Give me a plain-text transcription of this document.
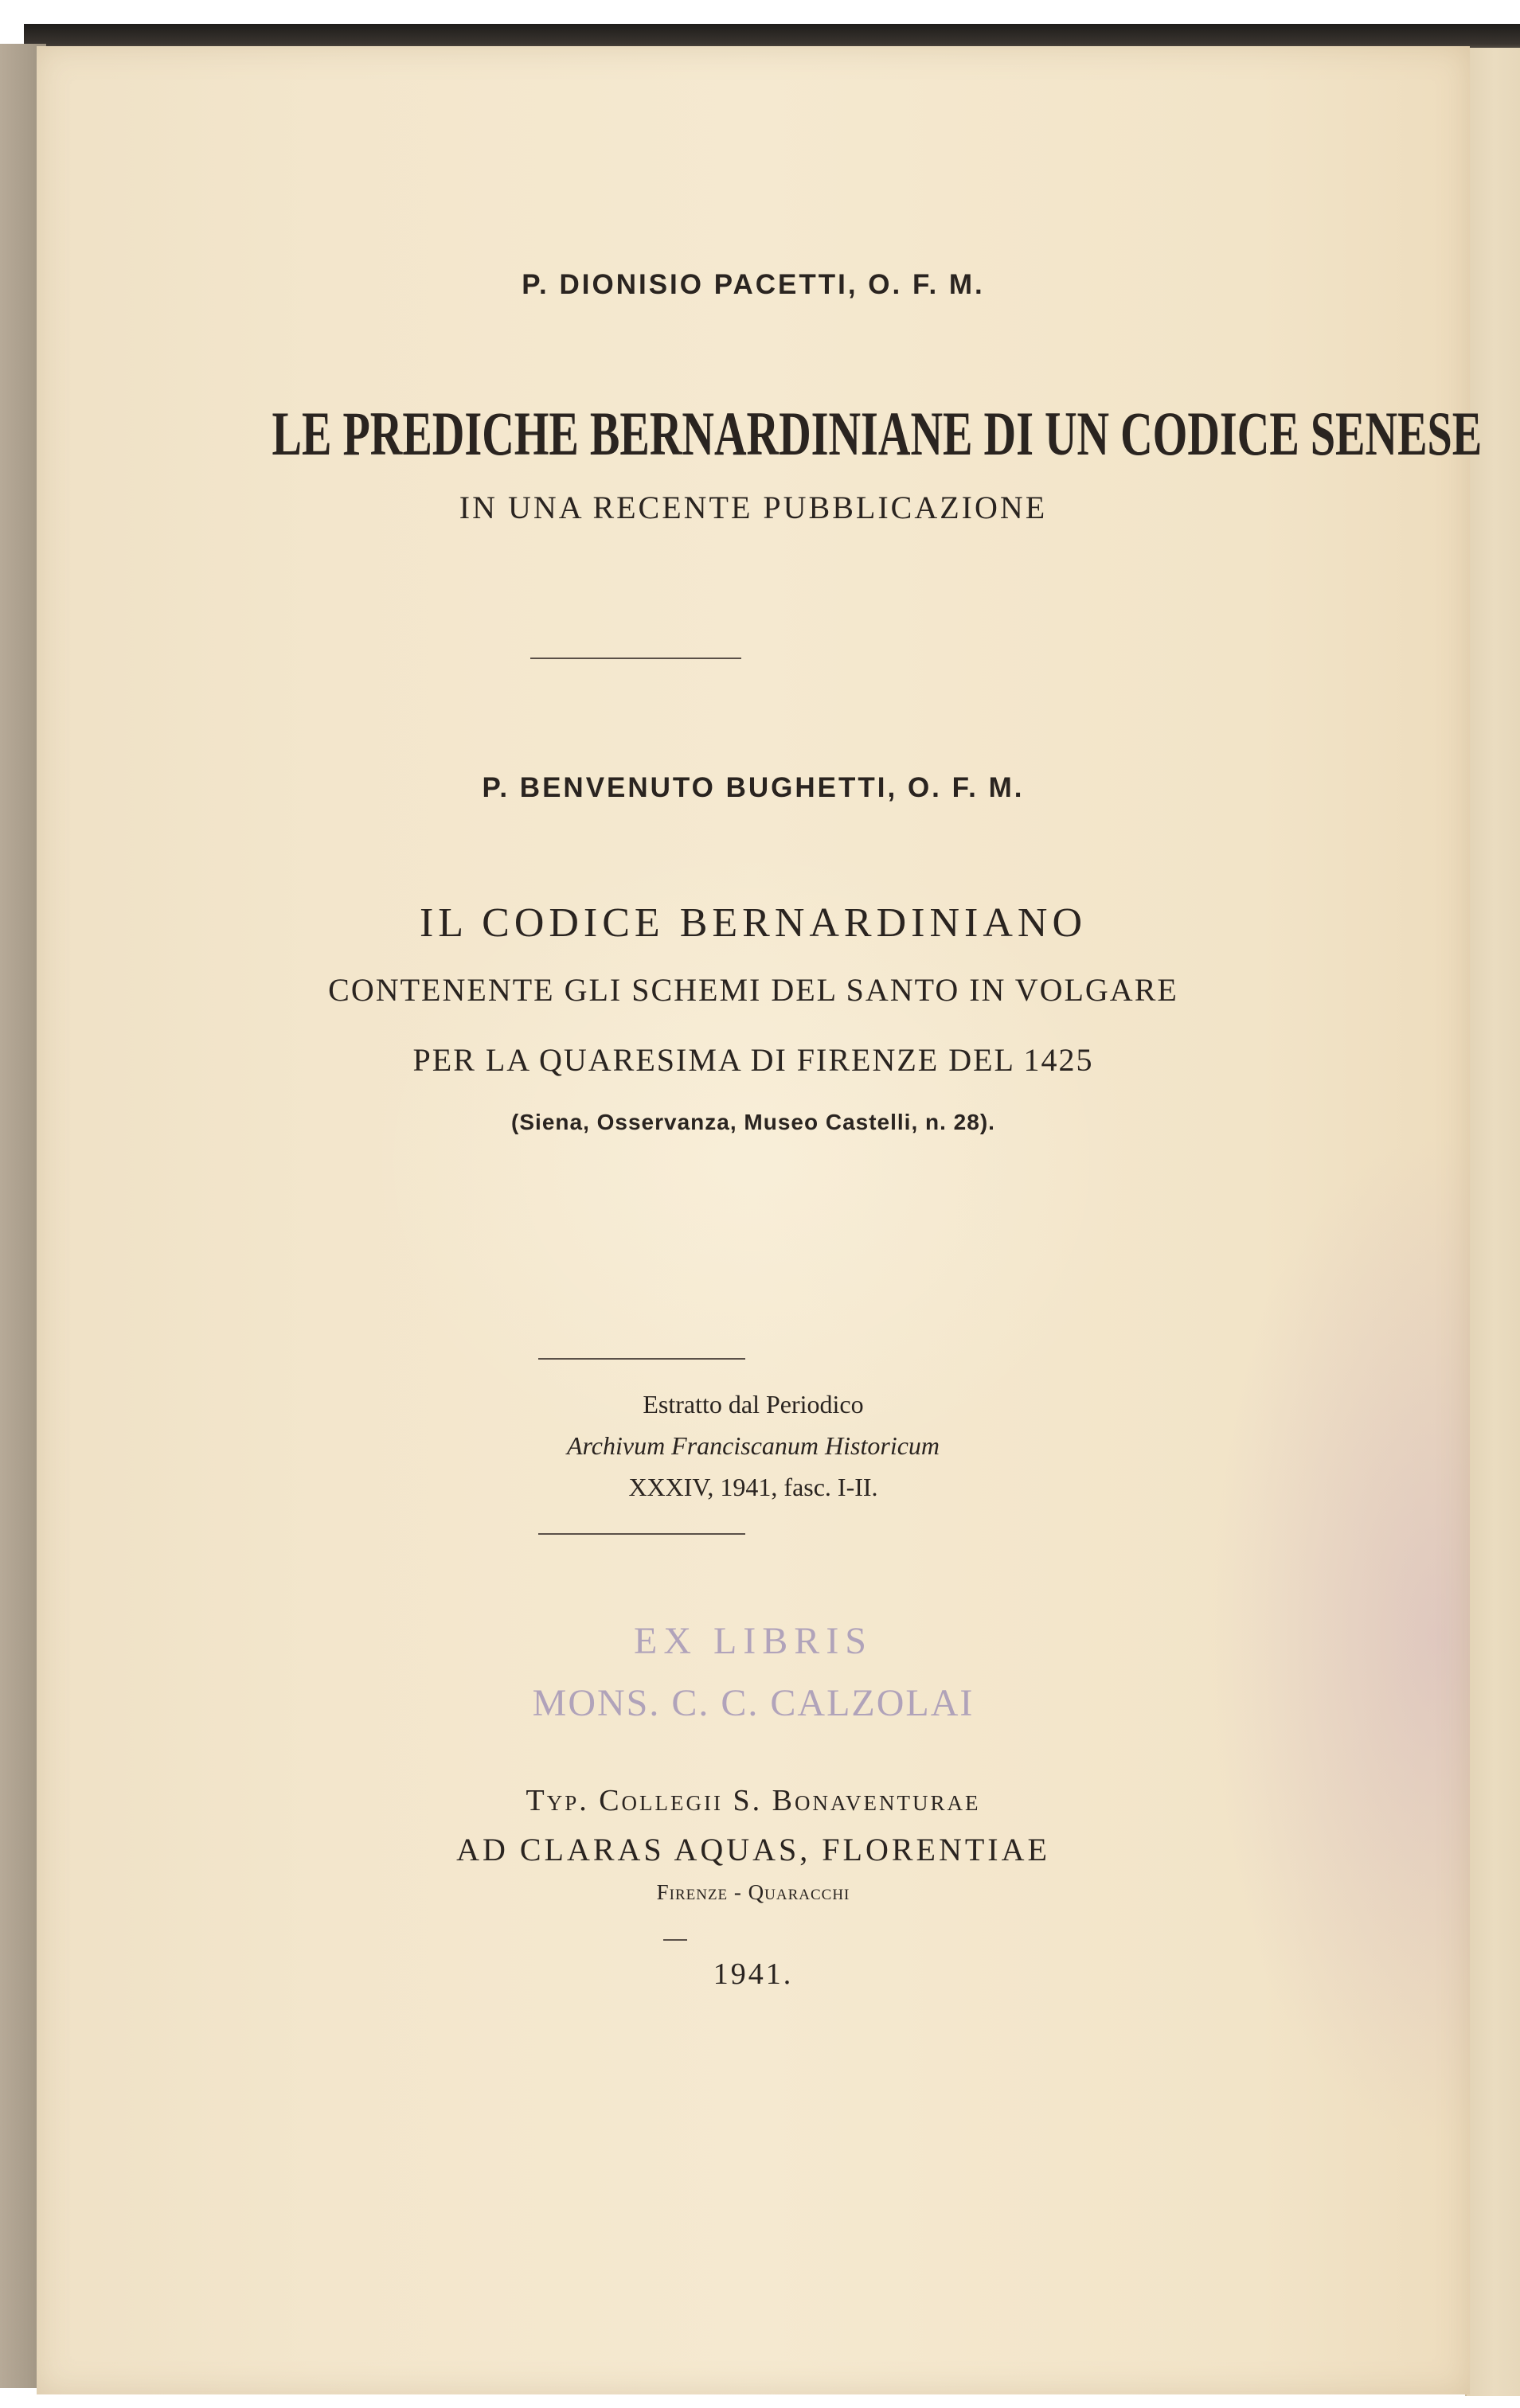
P. DIONISIO PACETTI, O. F. M.
LE PREDICHE BERNARDINIANE DI UN CODICE SENESE
IN UNA RECENTE PUBBLICAZIONE
P. BENVENUTO BUGHETTI, O. F. M.
IL CODICE BERNARDINIANO
CONTENENTE GLI SCHEMI DEL SANTO IN VOLGARE
PER LA QUARESIMA DI FIRENZE DEL 1425
(Siena, Osservanza, Museo Castelli, n. 28).
Estratto dal Periodico
Archivum Franciscanum Historicum
XXXIV, 1941, fasc. I-II.
EX LIBRIS
MONS. C. C. CALZOLAI
Typ. Collegii S. Bonaventurae
AD CLARAS AQUAS, FLORENTIAE
Firenze - Quaracchi
1941.
